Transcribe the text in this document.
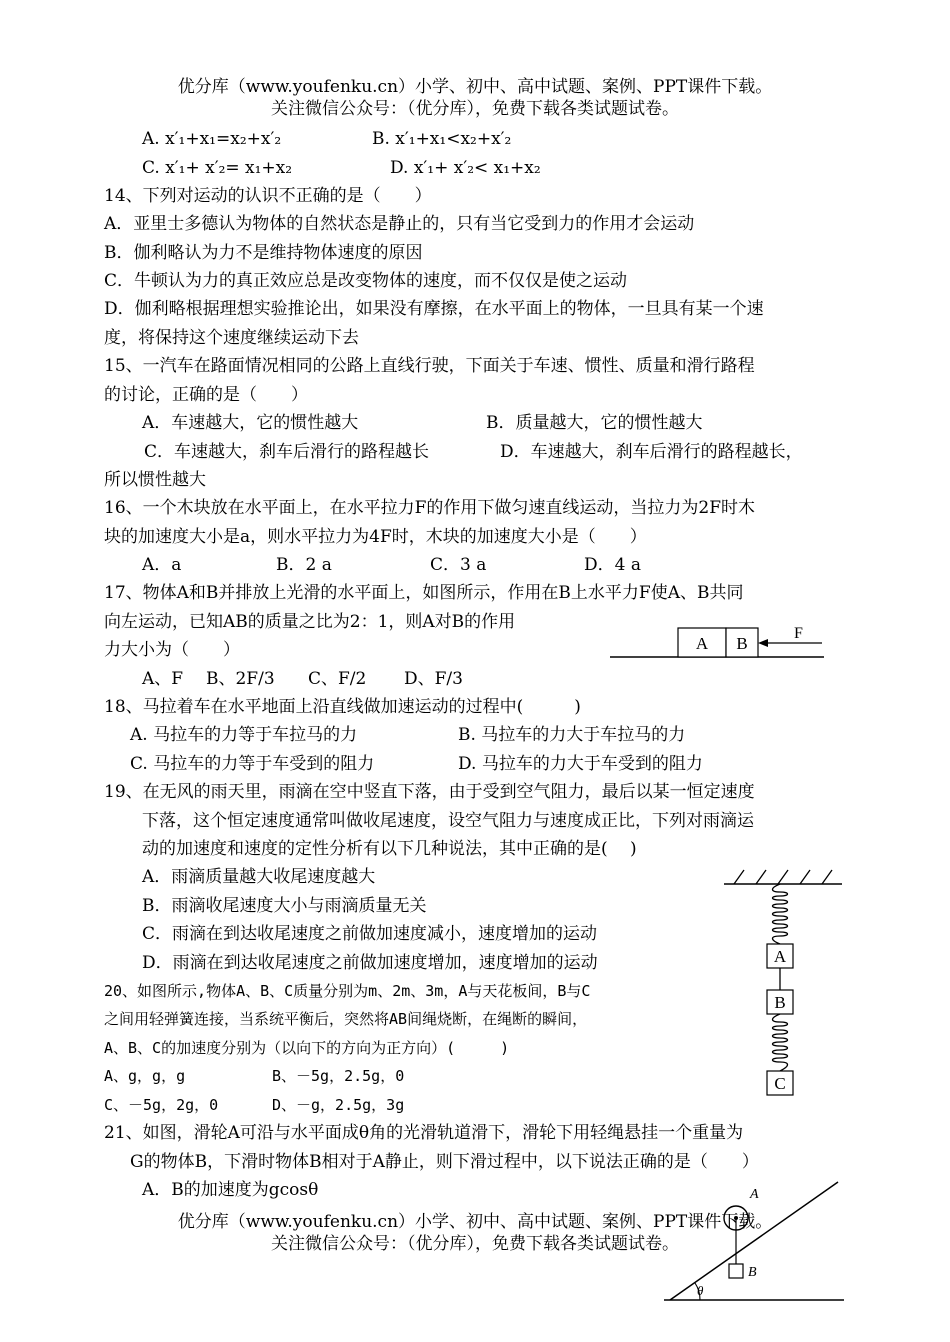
优分库（www.youfenku.cn）小学、初中、高中试题、案例、PPT课件下载。
关注微信公众号：（优分库），免费下载各类试题试卷。
A. x′₁+x₁=x₂+x′₂	B. x′₁+x₁<x₂+x′₂
C. x′₁+ x′₂= x₁+x₂	D. x′₁+ x′₂< x₁+x₂
14、下列对运动的认识不正确的是（　　）
A．亚里士多德认为物体的自然状态是静止的，只有当它受到力的作用才会运动
B．伽利略认为力不是维持物体速度的原因
C．牛顿认为力的真正效应总是改变物体的速度，而不仅仅是使之运动
D．伽利略根据理想实验推论出，如果没有摩擦，在水平面上的物体，一旦具有某一个速
度，将保持这个速度继续运动下去
15、一汽车在路面情况相同的公路上直线行驶，下面关于车速、惯性、质量和滑行路程
的讨论，正确的是（　　）
A．车速越大，它的惯性越大	B．质量越大，它的惯性越大
C．车速越大，刹车后滑行的路程越长	D．车速越大，刹车后滑行的路程越长，
所以惯性越大
16、一个木块放在水平面上，在水平拉力F的作用下做匀速直线运动，当拉力为2F时木
块的加速度大小是a，则水平拉力为4F时，木块的加速度大小是（　　）
A．a	B．2 a	C．3 a	D．4 a
17、物体A和B并排放上光滑的水平面上，如图所示，作用在B上水平力F使A、B共同
向左运动，已知AB的质量之比为2：1，则A对B的作用
力大小为（　　）
A、F B、2F/3 C、F/2 D、F/3
A B
F
18、马拉着车在水平地面上沿直线做加速运动的过程中(　　　)
A. 马拉车的力等于车拉马的力	B. 马拉车的力大于车拉马的力
C. 马拉车的力等于车受到的阻力	D. 马拉车的力大于车受到的阻力
19、在无风的雨天里，雨滴在空中竖直下落，由于受到空气阻力，最后以某一恒定速度
下落，这个恒定速度通常叫做收尾速度，设空气阻力与速度成正比，下列对雨滴运
动的加速度和速度的定性分析有以下几种说法，其中正确的是(　 )
A．雨滴质量越大收尾速度越大
B．雨滴收尾速度大小与雨滴质量无关
C．雨滴在到达收尾速度之前做加速度减小，速度增加的运动
D．雨滴在到达收尾速度之前做加速度增加，速度增加的运动
20、如图所示,物体A、B、C质量分别为m、2m、3m，A与天花板间，B与C
之间用轻弹簧连接，当系统平衡后，突然将AB间绳烧断，在绳断的瞬间，
A、B、C的加速度分别为（以向下的方向为正方向）(　　　)
A、g，g，g	B、－5g，2.5g，0
C、－5g，2g，0	D、－g，2.5g，3g
A
B
C
21、如图，滑轮A可沿与水平面成θ角的光滑轨道滑下，滑轮下用轻绳悬挂一个重量为
G的物体B，下滑时物体B相对于A静止，则下滑过程中，以下说法正确的是（　　）
A．B的加速度为gcosθ
θ
A
B
优分库（www.youfenku.cn）小学、初中、高中试题、案例、PPT课件下载。
关注微信公众号：（优分库），免费下载各类试题试卷。
